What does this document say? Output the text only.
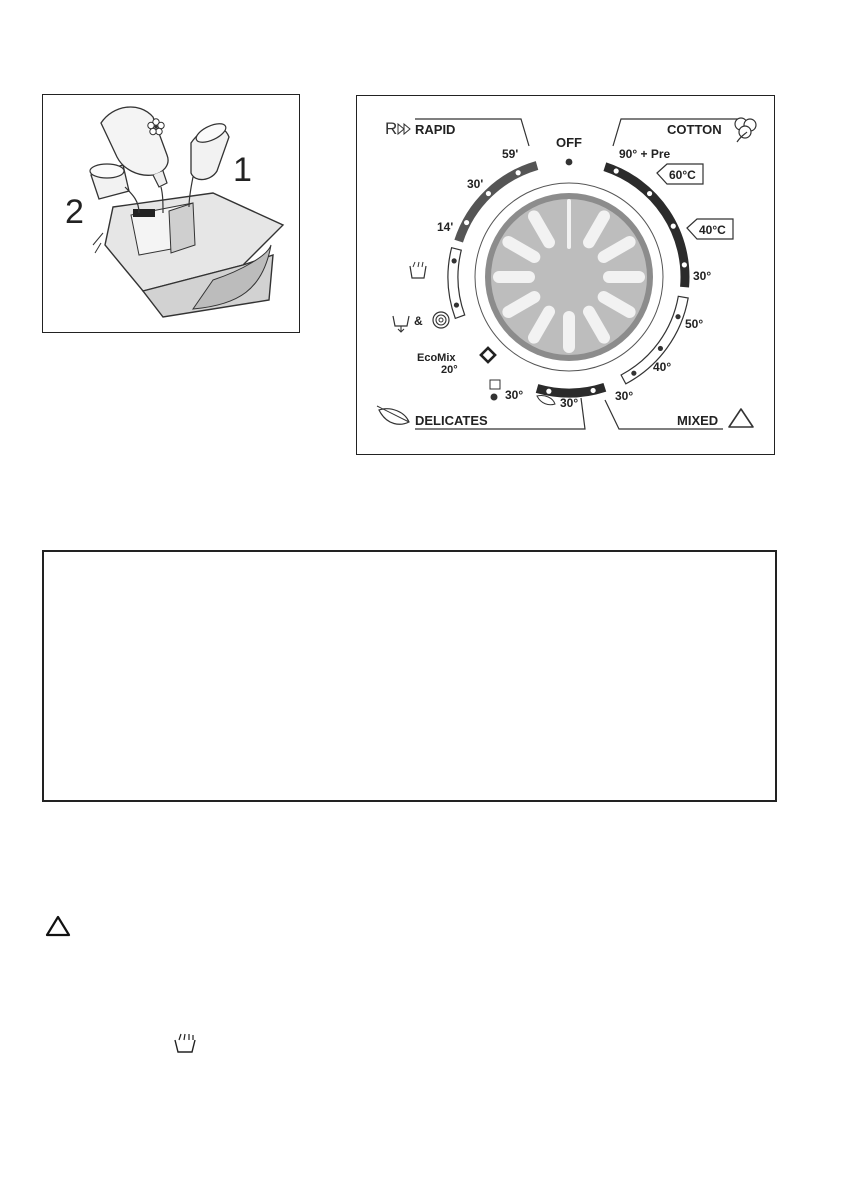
1
2
R RAPID	COTTON
MIXED
DELICATES
OFF
59'
30'
14'
90° + Pre
60°C
40°C
30°
50°
40°
30°
&
EcoMix
20°
30°
30°
